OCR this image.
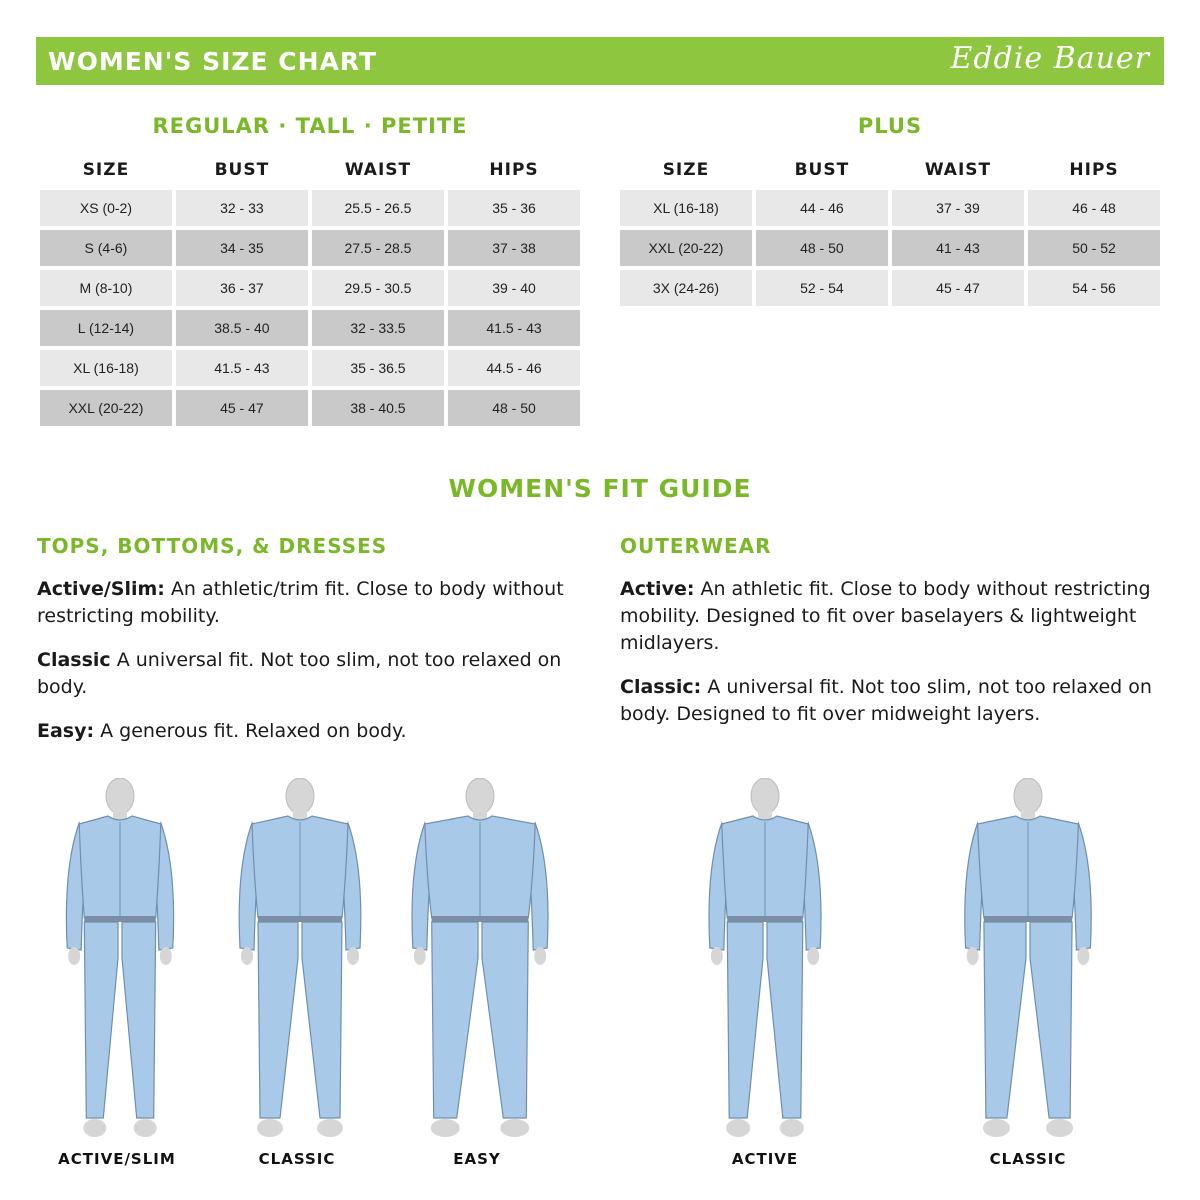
WOMEN'S SIZE CHART	Eddie Bauer
REGULAR · TALL · PETITE
SIZE	BUST	WAIST	HIPS
XS (0-2)	32 - 33	25.5 - 26.5	35 - 36
S (4-6)	34 - 35	27.5 - 28.5	37 - 38
M (8-10)	36 - 37	29.5 - 30.5	39 - 40
L (12-14)	38.5 - 40	32 - 33.5	41.5 - 43
XL (16-18)	41.5 - 43	35 - 36.5	44.5 - 46
XXL (20-22)	45 - 47	38 - 40.5	48 - 50
PLUS
SIZE	BUST	WAIST	HIPS
XL (16-18)	44 - 46	37 - 39	46 - 48
XXL (20-22)	48 - 50	41 - 43	50 - 52
3X (24-26)	52 - 54	45 - 47	54 - 56
WOMEN'S FIT GUIDE
TOPS, BOTTOMS, & DRESSES

Active/Slim: An athletic/trim fit. Close to body without restricting mobility.

Classic A universal fit. Not too slim, not too relaxed on body.

Easy: A generous fit. Relaxed on body.

OUTERWEAR

Active: An athletic fit. Close to body without restricting mobility. Designed to fit over baselayers & lightweight midlayers.

Classic: A universal fit. Not too slim, not too relaxed on body. Designed to fit over midweight layers.

ACTIVE/SLIM	CLASSIC	EASY	ACTIVE	CLASSIC
